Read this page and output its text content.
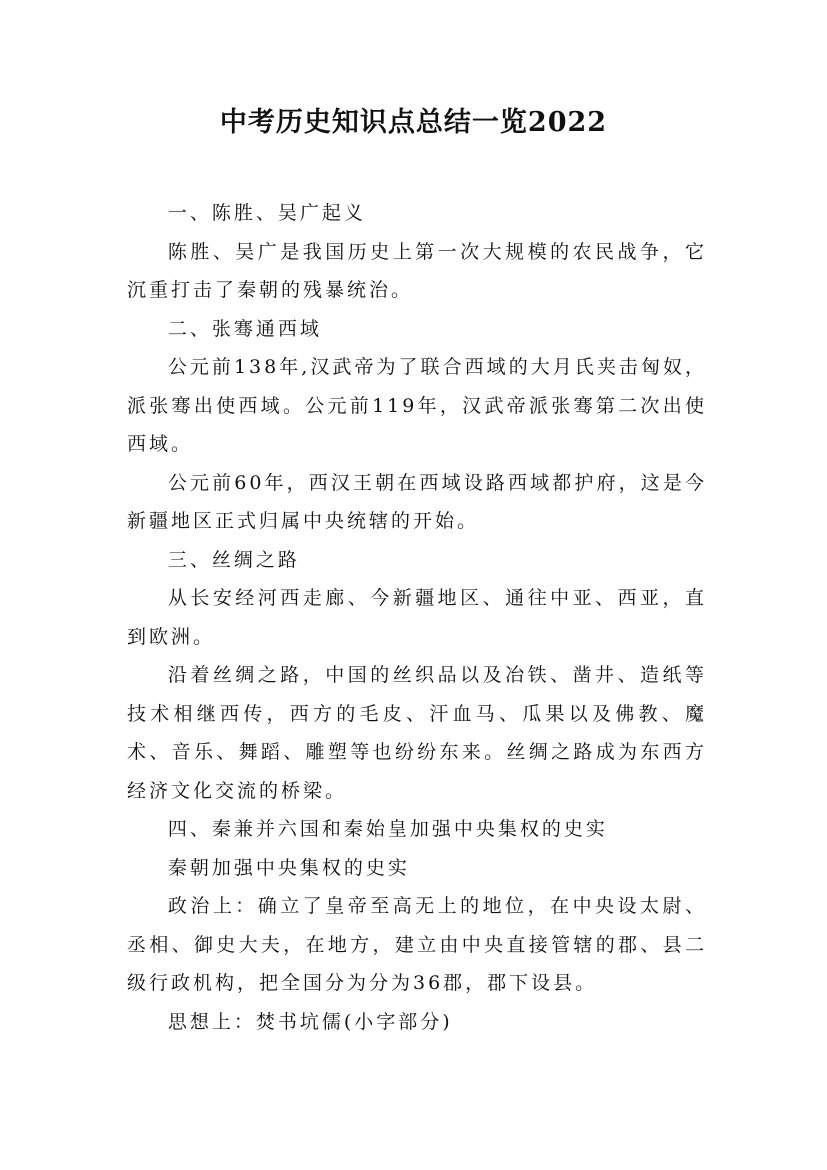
中考历史知识点总结一览2022

一、陈胜、吴广起义

陈胜、吴广是我国历史上第一次大规模的农民战争，它沉重打击了秦朝的残暴统治。

二、张骞通西域

公元前138年,汉武帝为了联合西域的大月氏夹击匈奴，派张骞出使西域。公元前119年，汉武帝派张骞第二次出使西域。

公元前60年，西汉王朝在西域设路西域都护府，这是今新疆地区正式归属中央统辖的开始。

三、丝绸之路

从长安经河西走廊、今新疆地区、通往中亚、西亚，直到欧洲。

沿着丝绸之路，中国的丝织品以及冶铁、凿井、造纸等技术相继西传，西方的毛皮、汗血马、瓜果以及佛教、魔术、音乐、舞蹈、雕塑等也纷纷东来。丝绸之路成为东西方经济文化交流的桥梁。

四、秦兼并六国和秦始皇加强中央集权的史实

秦朝加强中央集权的史实

政治上：确立了皇帝至高无上的地位，在中央设太尉、丞相、御史大夫，在地方，建立由中央直接管辖的郡、县二级行政机构，把全国分为分为36郡，郡下设县。

思想上：焚书坑儒(小字部分)
